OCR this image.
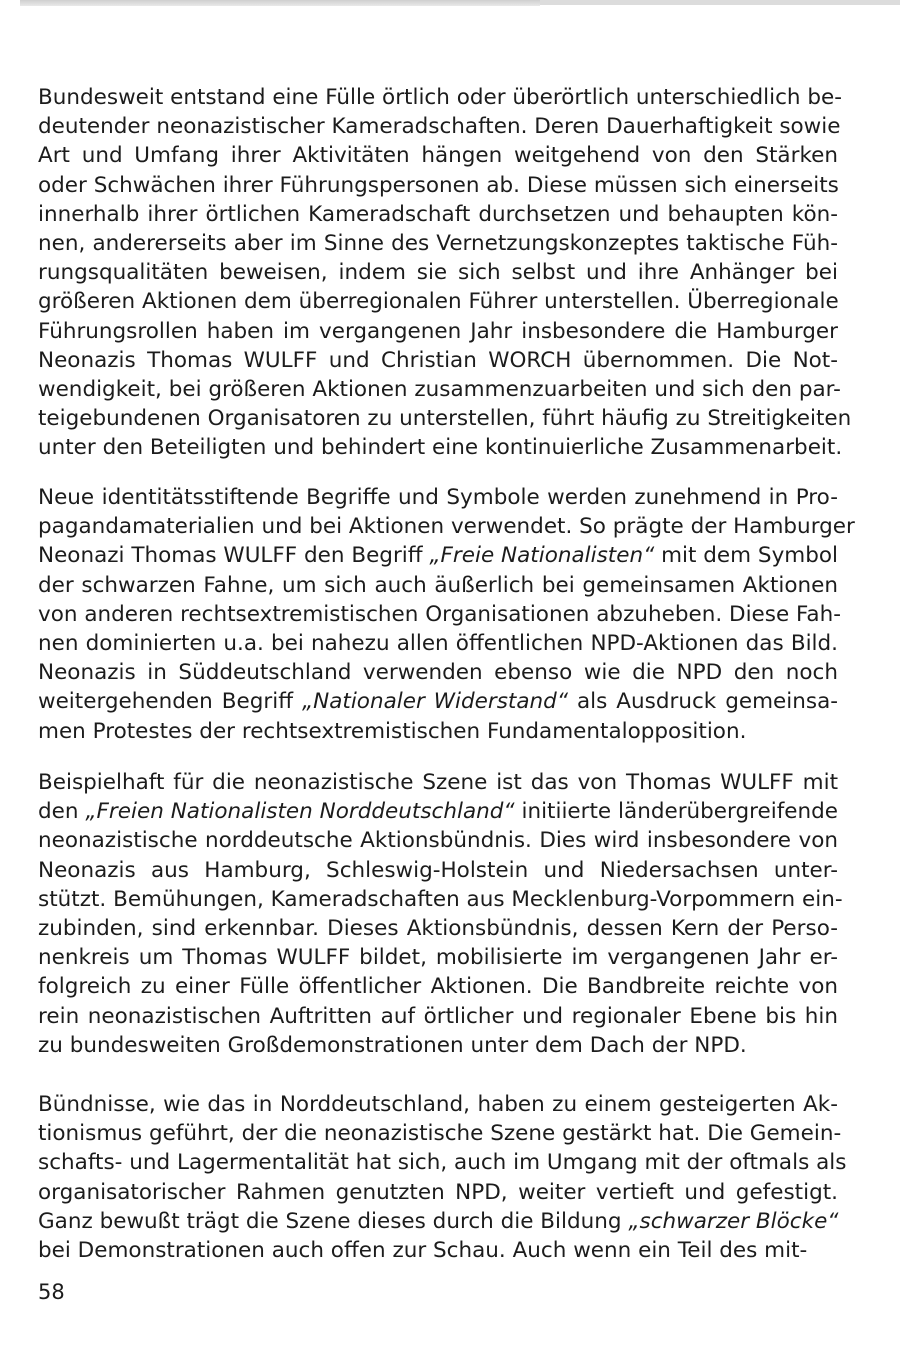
Bundesweit entstand eine Fülle örtlich oder überörtlich unterschiedlich be-
deutender neonazistischer Kameradschaften. Deren Dauerhaftigkeit sowie
Art und Umfang ihrer Aktivitäten hängen weitgehend von den Stärken
oder Schwächen ihrer Führungspersonen ab. Diese müssen sich einerseits
innerhalb ihrer örtlichen Kameradschaft durchsetzen und behaupten kön-
nen, andererseits aber im Sinne des Vernetzungskonzeptes taktische Füh-
rungsqualitäten beweisen, indem sie sich selbst und ihre Anhänger bei
größeren Aktionen dem überregionalen Führer unterstellen. Überregionale
Führungsrollen haben im vergangenen Jahr insbesondere die Hamburger
Neonazis Thomas WULFF und Christian WORCH übernommen. Die Not-
wendigkeit, bei größeren Aktionen zusammenzuarbeiten und sich den par-
teigebundenen Organisatoren zu unterstellen, führt häufig zu Streitigkeiten
unter den Beteiligten und behindert eine kontinuierliche Zusammenarbeit.
Neue identitätsstiftende Begriffe und Symbole werden zunehmend in Pro-
pagandamaterialien und bei Aktionen verwendet. So prägte der Hamburger
Neonazi Thomas WULFF den Begriff „Freie Nationalisten“ mit dem Symbol
der schwarzen Fahne, um sich auch äußerlich bei gemeinsamen Aktionen
von anderen rechtsextremistischen Organisationen abzuheben. Diese Fah-
nen dominierten u.a. bei nahezu allen öffentlichen NPD-Aktionen das Bild.
Neonazis in Süddeutschland verwenden ebenso wie die NPD den noch
weitergehenden Begriff „Nationaler Widerstand“ als Ausdruck gemeinsa-
men Protestes der rechtsextremistischen Fundamentalopposition.
Beispielhaft für die neonazistische Szene ist das von Thomas WULFF mit
den „Freien Nationalisten Norddeutschland“ initiierte länderübergreifende
neonazistische norddeutsche Aktionsbündnis. Dies wird insbesondere von
Neonazis aus Hamburg, Schleswig-Holstein und Niedersachsen unter-
stützt. Bemühungen, Kameradschaften aus Mecklenburg-Vorpommern ein-
zubinden, sind erkennbar. Dieses Aktionsbündnis, dessen Kern der Perso-
nenkreis um Thomas WULFF bildet, mobilisierte im vergangenen Jahr er-
folgreich zu einer Fülle öffentlicher Aktionen. Die Bandbreite reichte von
rein neonazistischen Auftritten auf örtlicher und regionaler Ebene bis hin
zu bundesweiten Großdemonstrationen unter dem Dach der NPD.
Bündnisse, wie das in Norddeutschland, haben zu einem gesteigerten Ak-
tionismus geführt, der die neonazistische Szene gestärkt hat. Die Gemein-
schafts- und Lagermentalität hat sich, auch im Umgang mit der oftmals als
organisatorischer Rahmen genutzten NPD, weiter vertieft und gefestigt.
Ganz bewußt trägt die Szene dieses durch die Bildung „schwarzer Blöcke“
bei Demonstrationen auch offen zur Schau. Auch wenn ein Teil des mit-
58
